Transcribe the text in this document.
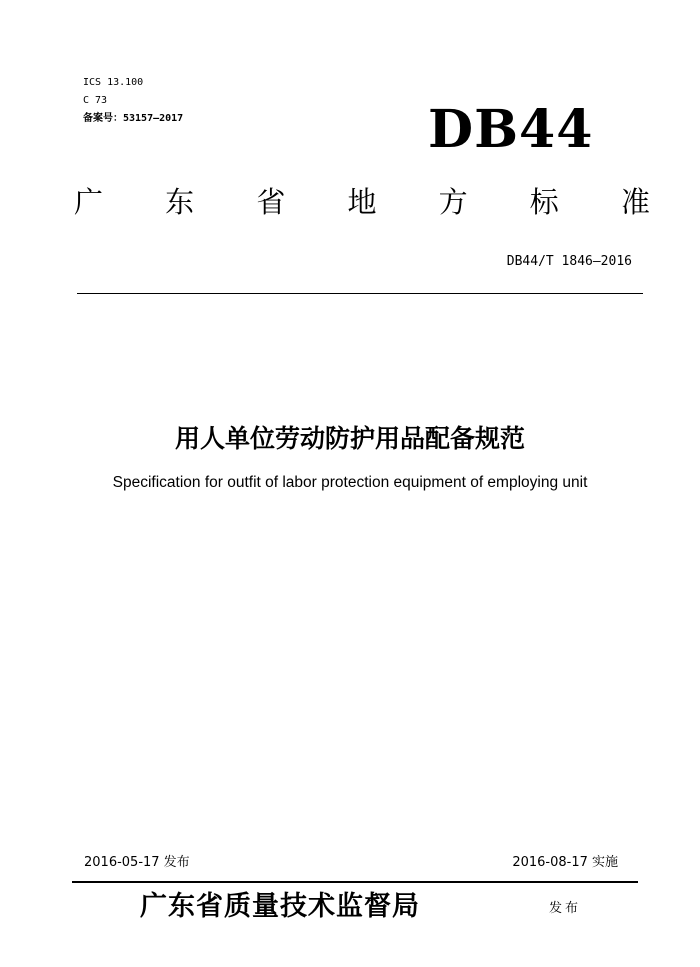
ICS 13.100
C 73
备案号：53157—2017	DB44
广 东 省 地 方 标 准
DB44/T 1846—2016
用人单位劳动防护用品配备规范
Specification for outfit of labor protection equipment of employing unit
2016-05-17 发布	2016-08-17 实施
广东省质量技术监督局	发布
